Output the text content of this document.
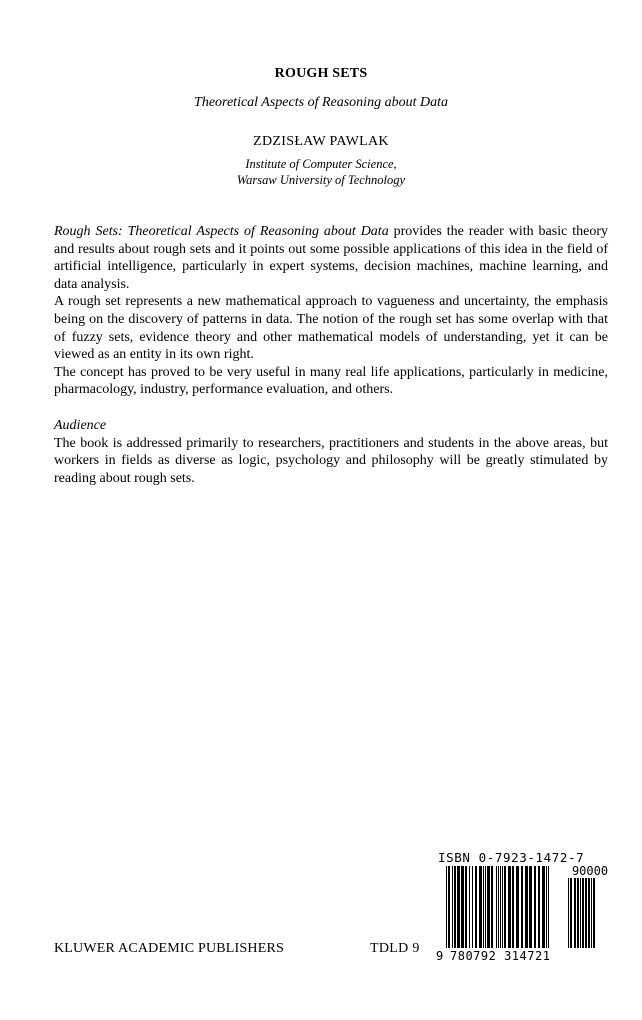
ROUGH SETS
Theoretical Aspects of Reasoning about Data
ZDZISŁAW PAWLAK
Institute of Computer Science,
Warsaw University of Technology

Rough Sets: Theoretical Aspects of Reasoning about Data provides the reader with basic theory and results about rough sets and it points out some possible applications of this idea in the field of artificial intelligence, particularly in expert systems, decision machines, machine learning, and data analysis.

A rough set represents a new mathematical approach to vagueness and uncertainty, the emphasis being on the discovery of patterns in data. The notion of the rough set has some overlap with that of fuzzy sets, evidence theory and other mathematical models of understanding, yet it can be viewed as an entity in its own right.

The concept has proved to be very useful in many real life applications, particularly in medicine, pharmacology, industry, performance evaluation, and others.

Audience

The book is addressed primarily to researchers, practitioners and students in the above areas, but workers in fields as diverse as logic, psychology and philosophy will be greatly stimulated by reading about rough sets.

KLUWER ACADEMIC PUBLISHERS	TDLD 9
ISBN 0-7923-1472-7
90000
9 780792 314721
